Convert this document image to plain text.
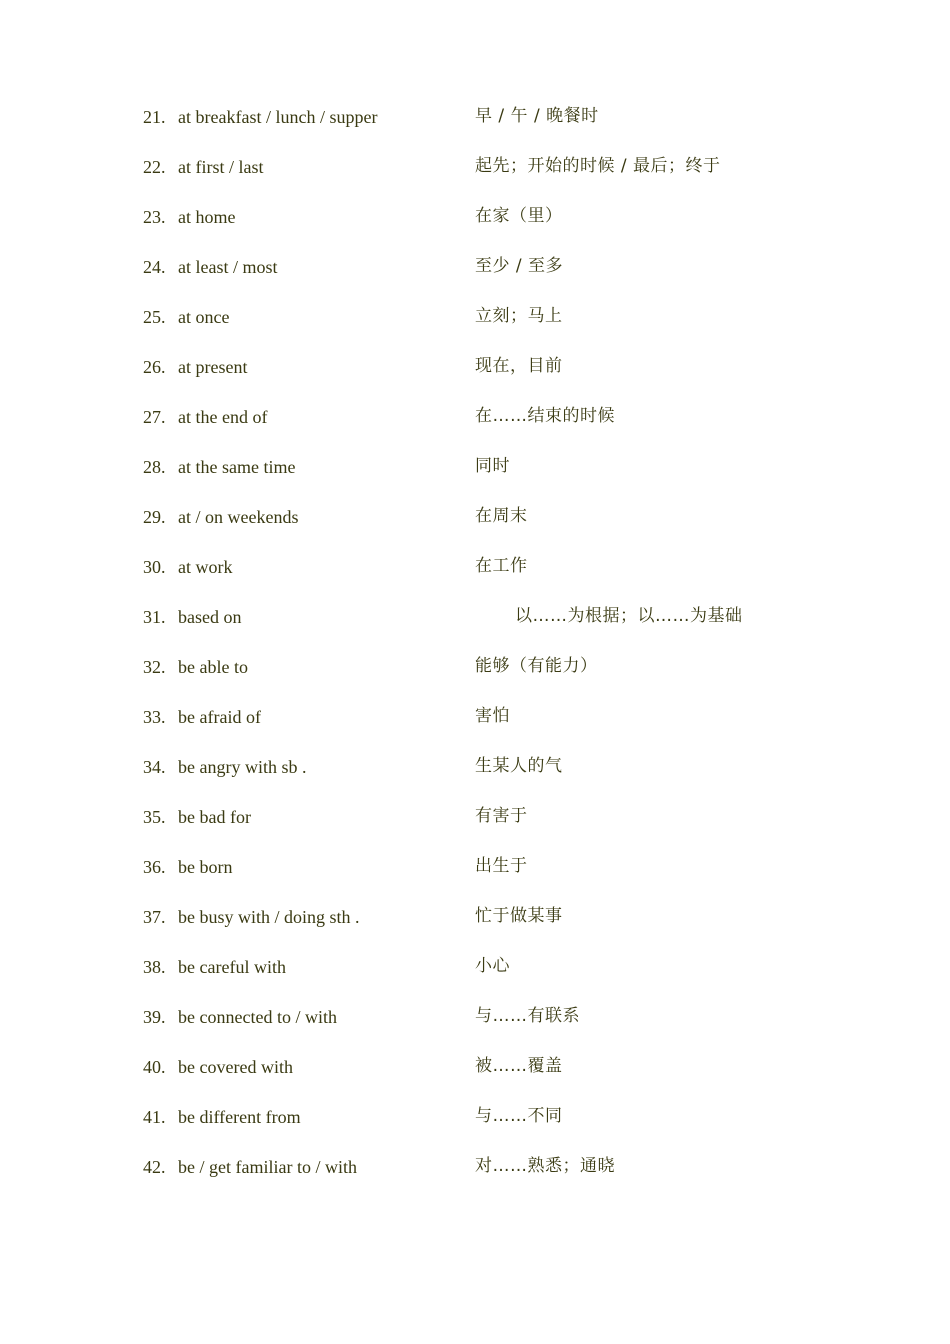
21. at breakfast / lunch / supper	早 / 午 / 晚餐时
22. at first / last	起先；开始的时候 / 最后；终于
23. at home	在家（里）
24. at least / most	至少 / 至多
25. at once	立刻；马上
26. at present	现在，目前
27. at the end of	在……结束的时候
28. at the same time	同时
29. at / on weekends	在周末
30. at work	在工作
31. based on	以……为根据；以……为基础
32. be able to	能够（有能力）
33. be afraid of	害怕
34. be angry with sb .	生某人的气
35. be bad for	有害于
36. be born	出生于
37. be busy with / doing sth .	忙于做某事
38. be careful with	小心
39. be connected to / with	与……有联系
40. be covered with	被……覆盖
41. be different from	与……不同
42. be / get familiar to / with	对……熟悉；通晓
